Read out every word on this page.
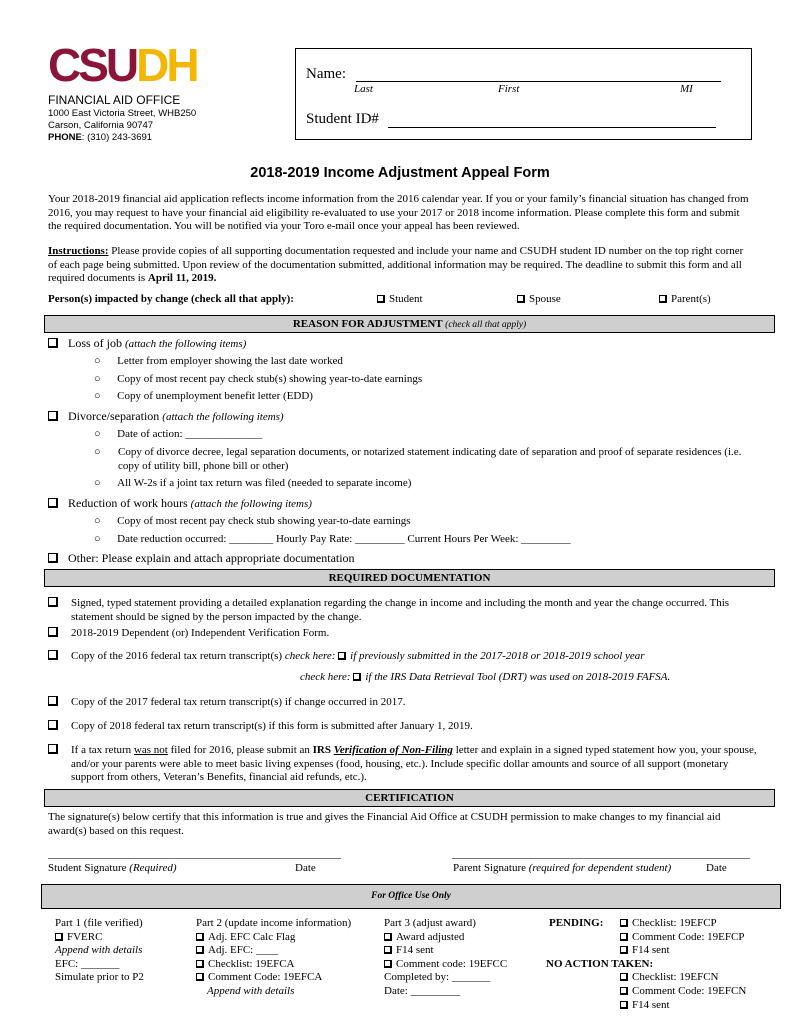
CSUDH
FINANCIAL AID OFFICE
1000 East Victoria Street, WHB250
Carson, California 90747
PHONE: (310) 243-3691
Name:
Last	First	MI
Student ID#
2018-2019 Income Adjustment Appeal Form
Your 2018-2019 financial aid application reflects income information from the 2016 calendar year. If you or your family’s financial situation has changed from 2016, you may request to have your financial aid eligibility re-evaluated to use your 2017 or 2018 income information. Please complete this form and submit the required documentation. You will be notified via your Toro e-mail once your appeal has been reviewed.
Instructions: Please provide copies of all supporting documentation requested and include your name and CSUDH student ID number on the top right corner of each page being submitted. Upon review of the documentation submitted, additional information may be required. The deadline to submit this form and all required documents is April 11, 2019.
Person(s) impacted by change (check all that apply):	Student	Spouse	Parent(s)
REASON FOR ADJUSTMENT (check all that apply)
Loss of job (attach the following items)
○      Letter from employer showing the last date worked
○      Copy of most recent pay check stub(s) showing year-to-date earnings
○      Copy of unemployment benefit letter (EDD)
Divorce/separation (attach the following items)
○      Date of action: ______________
○ Copy of divorce decree, legal separation documents, or notarized statement indicating date of separation and proof of separate residences (i.e. copy of utility bill, phone bill or other)
○      All W-2s if a joint tax return was filed (needed to separate income)
Reduction of work hours (attach the following items)
○      Copy of most recent pay check stub showing year-to-date earnings
○      Date reduction occurred: ________ Hourly Pay Rate: _________ Current Hours Per Week: _________
Other: Please explain and attach appropriate documentation
REQUIRED DOCUMENTATION
Signed, typed statement providing a detailed explanation regarding the change in income and including the month and year the change occurred. This statement should be signed by the person impacted by the change.
2018-2019 Dependent (or) Independent Verification Form.
Copy of the 2016 federal tax return transcript(s) check here: if previously submitted in the 2017-2018 or 2018-2019 school year
check here: if the IRS Data Retrieval Tool (DRT) was used on 2018-2019 FAFSA.
Copy of the 2017 federal tax return transcript(s) if change occurred in 2017.
Copy of 2018 federal tax return transcript(s) if this form is submitted after January 1, 2019.
If a tax return was not filed for 2016, please submit an IRS Verification of Non-Filing letter and explain in a signed typed statement how you, your spouse, and/or your parents were able to meet basic living expenses (food, housing, etc.). Include specific dollar amounts and source of all support (monetary support from others, Veteran’s Benefits, financial aid refunds, etc.).
CERTIFICATION
The signature(s) below certify that this information is true and gives the Financial Aid Office at CSUDH permission to make changes to my financial aid award(s) based on this request.
Student Signature (Required)	Date	Parent Signature (required for dependent student)	Date
For Office Use Only
Part 1 (file verified)
FVERC
Append with details
EFC: _______
Simulate prior to P2
Part 2 (update income information)
Adj. EFC Calc Flag
Adj. EFC: ____
Checklist: 19EFCA
Comment Code: 19EFCA
Append with details
Part 3 (adjust award)
Award adjusted
F14 sent
Comment code: 19EFCC
Completed by: _______
Date: _________
PENDING:
NO ACTION TAKEN:
Checklist: 19EFCP
Comment Code: 19EFCP
F14 sent

Checklist: 19EFCN
Comment Code: 19EFCN
F14 sent
